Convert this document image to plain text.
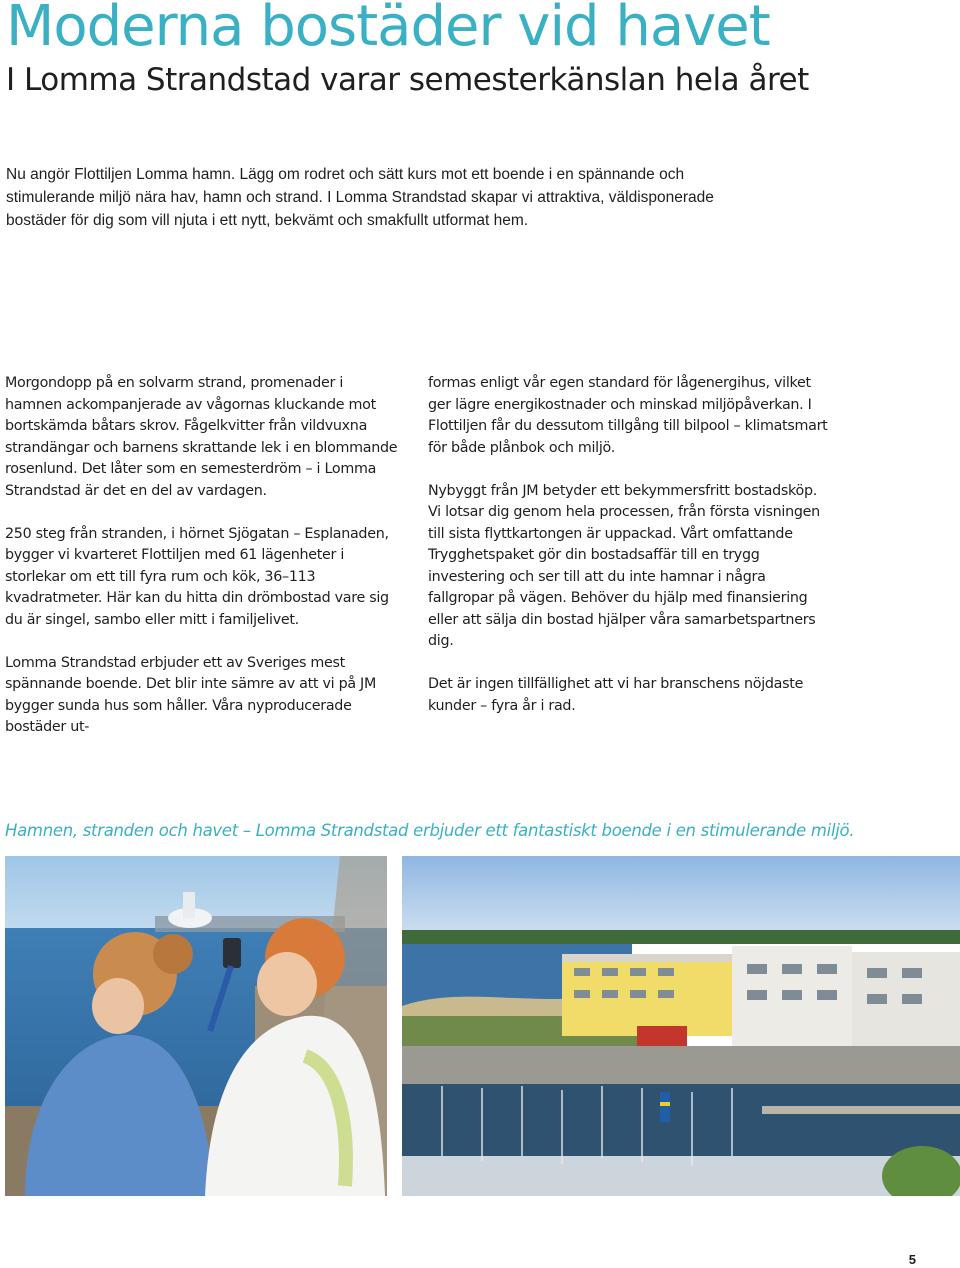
Moderna bostäder vid havet
I Lomma Strandstad varar semesterkänslan hela året

Nu angör Flottiljen Lomma hamn. Lägg om rodret och sätt kurs mot ett boende i en spännande och stimulerande miljö nära hav, hamn och strand. I Lomma Strandstad skapar vi attraktiva, väldisponerade bostäder för dig som vill njuta i ett nytt, bekvämt och smakfullt utformat hem.

Morgondopp på en solvarm strand, promenader i hamnen ackompanjerade av vågornas kluckande mot bortskämda båtars skrov. Fågelkvitter från vildvuxna strandängar och barnens skrattande lek i en blommande rosenlund. Det låter som en semesterdröm – i Lomma Strandstad är det en del av vardagen.

250 steg från stranden, i hörnet Sjögatan – Esplanaden, bygger vi kvarteret Flottiljen med 61 lägenheter i storlekar om ett till fyra rum och kök, 36–113 kvadratmeter. Här kan du hitta din drömbostad vare sig du är singel, sambo eller mitt i familjelivet.

Lomma Strandstad erbjuder ett av Sveriges mest spännande boende. Det blir inte sämre av att vi på JM bygger sunda hus som håller. Våra nyproducerade bostäder ut-

formas enligt vår egen standard för lågenergihus, vilket ger lägre energikostnader och minskad miljöpåverkan. I Flottiljen får du dessutom tillgång till bilpool – klimatsmart för både plånbok och miljö.

Nybyggt från JM betyder ett bekymmersfritt bostadsköp. Vi lotsar dig genom hela processen, från första visningen till sista flyttkartongen är uppackad. Vårt omfattande Trygghetspaket gör din bostadsaffär till en trygg investering och ser till att du inte hamnar i några fallgropar på vägen. Behöver du hjälp med finansiering eller att sälja din bostad hjälper våra samarbetspartners dig.

Det är ingen tillfällighet att vi har branschens nöjdaste kunder – fyra år i rad.

Hamnen, stranden och havet – Lomma Strandstad erbjuder ett fantastiskt boende i en stimulerande miljö.

5
